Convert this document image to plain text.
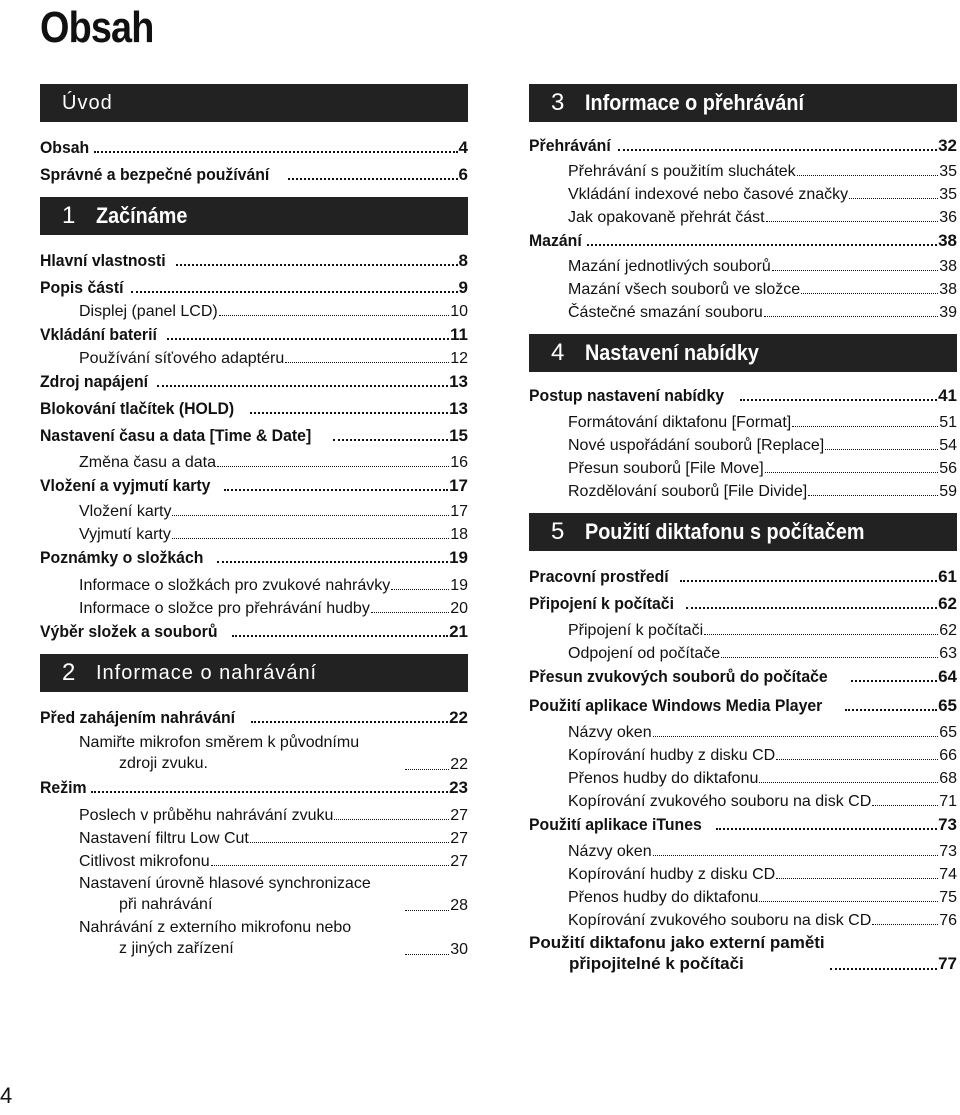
Obsah
Úvod
Obsah	4
Správné a bezpečné používání	6
1 Začínáme
Hlavní vlastnosti	8
Popis částí	9
Displej (panel LCD)	10
Vkládání baterií	11
Používání síťového adaptéru	12
Zdroj napájení	13
Blokování tlačítek (HOLD)	13
Nastavení času a data [Time & Date]	15
Změna času a data	16
Vložení a vyjmutí karty	17
Vložení karty	17
Vyjmutí karty	18
Poznámky o složkách	19
Informace o složkách pro zvukové nahrávky	19
Informace o složce pro přehrávání hudby	20
Výběr složek a souborů	21
2	Informace o nahrávání
Před zahájením nahrávání	22
Namiřte mikrofon směrem k původnímu
zdroji zvuku.	22
Režim	23
Poslech v průběhu nahrávání zvuku	27
Nastavení filtru Low Cut	27
Citlivost mikrofonu	27
Nastavení úrovně hlasové synchronizace
při nahrávání	28
Nahrávání z externího mikrofonu nebo
z jiných zařízení	30
3 Informace o přehrávání
Přehrávání	32
Přehrávání s použitím sluchátek	35
Vkládání indexové nebo časové značky	35
Jak opakovaně přehrát část	36
Mazání	38
Mazání jednotlivých souborů	38
Mazání všech souborů ve složce	38
Částečné smazání souboru	39
4 Nastavení nabídky
Postup nastavení nabídky	41
Formátování diktafonu [Format]	51
Nové uspořádání souborů [Replace]	54
Přesun souborů [File Move]	56
Rozdělování souborů [File Divide]	59
5 Použití diktafonu s počítačem
Pracovní prostředí	61
Připojení k počítači	62
Připojení k počítači	62
Odpojení od počítače	63
Přesun zvukových souborů do počítače	64
Použití aplikace Windows Media Player	65
Názvy oken	65
Kopírování hudby z disku CD	66
Přenos hudby do diktafonu	68
Kopírování zvukového souboru na disk CD	71
Použití aplikace iTunes	73
Názvy oken	73
Kopírování hudby z disku CD	74
Přenos hudby do diktafonu	75
Kopírování zvukového souboru na disk CD	76
Použití diktafonu jako externí paměti
připojitelné k počítači	77
4
